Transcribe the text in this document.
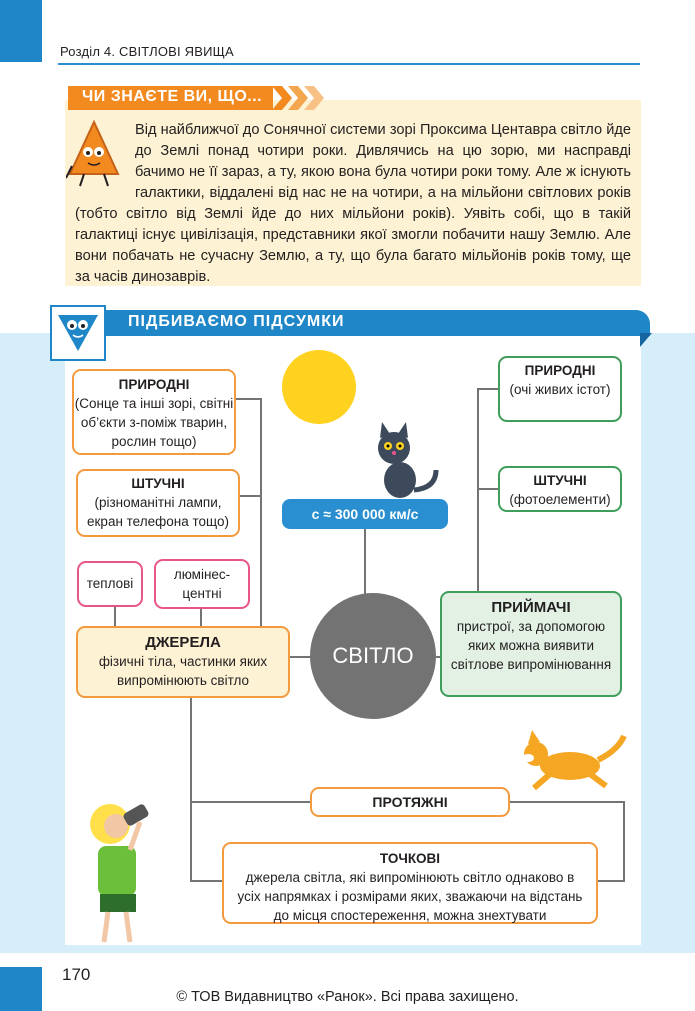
Розділ 4. СВІТЛОВІ ЯВИЩА
ЧИ ЗНАЄТЕ ВИ, ЩО...
Від найближчої до Сонячної системи зорі Проксима Центавра світло йде до Землі понад чотири роки. Дивлячись на цю зорю, ми насправді бачимо не її зараз, а ту, якою вона була чотири роки тому. Але ж існують галактики, віддалені від нас не на чотири, а на мільйони світлових років (тобто світло від Землі йде до них мільйони років). Уявіть собі, що в такій галактиці існує цивілізація, представники якої змогли побачити нашу Землю. Але вони побачать не сучасну Землю, а ту, що була багато мільйонів років тому, ще за часів динозаврів.
ПІДБИВАЄМО ПІДСУМКИ
с ≈ 300 000 км/с
ПРИРОДНІ
(Сонце та інші зорі, світні об’єкти з-поміж тварин, рослин тощо)
ШТУЧНІ
(різноманітні лампи, екран телефона тощо)
теплові
люмінес-
центні
ДЖЕРЕЛА
фізичні тіла, частинки яких випромінюють світло
СВІТЛО
ПРИРОДНІ
(очі живих істот)
ШТУЧНІ
(фотоелементи)
ПРИЙМАЧІ
пристрої, за допомогою яких можна виявити світлове випромінювання
ПРОТЯЖНІ
ТОЧКОВІ
джерела світла, які випромінюють світло однаково в усіх напрямках і розмірами яких, зважаючи на відстань до місця спостереження, можна знехтувати
170
© ТОВ Видавництво «Ранок». Всі права захищено.
